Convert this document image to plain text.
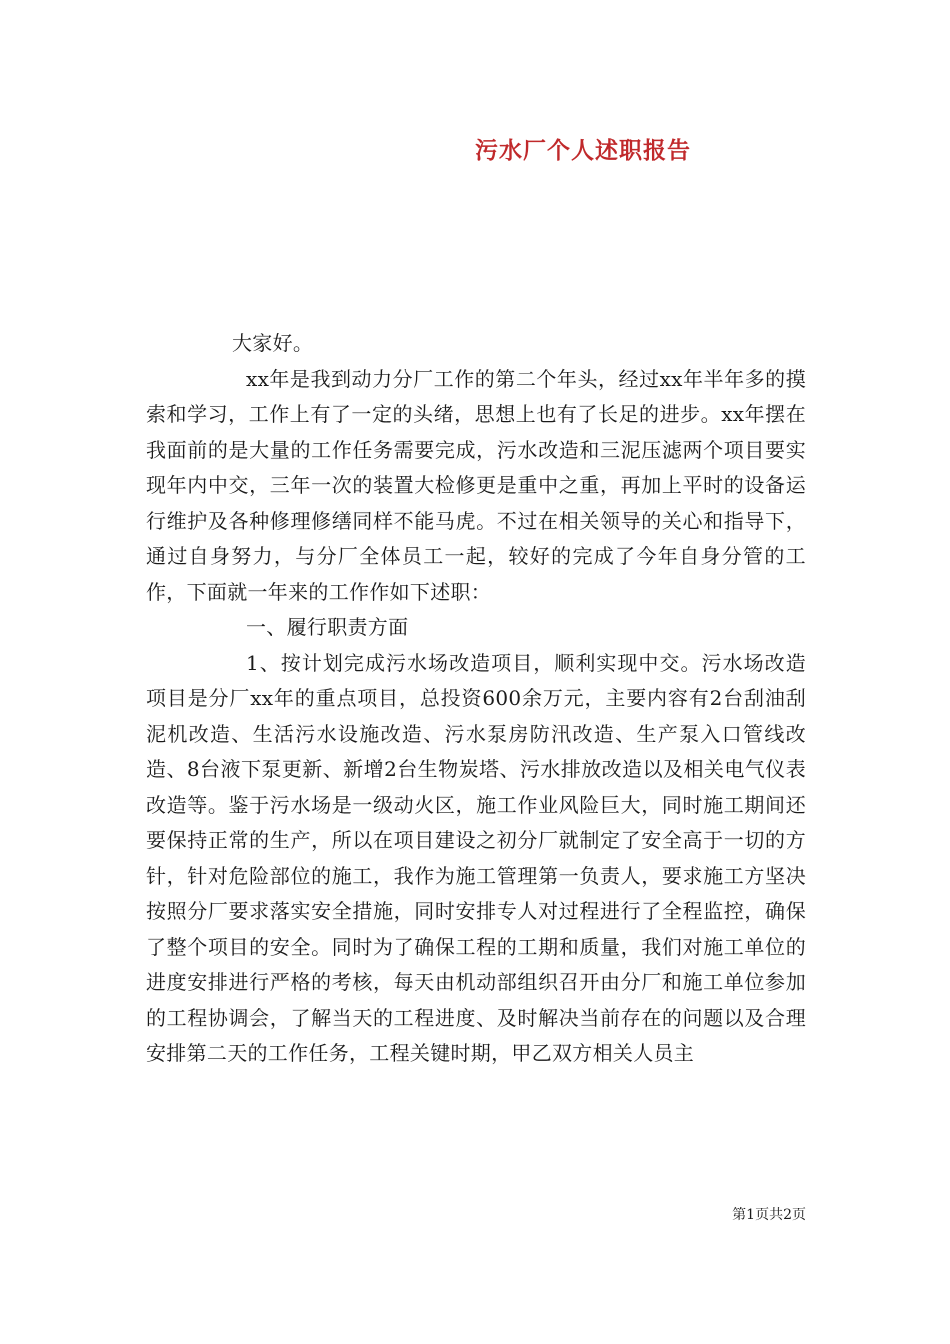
污水厂个人述职报告

大家好。

xx年是我到动力分厂工作的第二个年头，经过xx年半年多的摸索和学习，工作上有了一定的头绪，思想上也有了长足的进步。xx年摆在我面前的是大量的工作任务需要完成，污水改造和三泥压滤两个项目要实现年内中交，三年一次的装置大检修更是重中之重，再加上平时的设备运行维护及各种修理修缮同样不能马虎。不过在相关领导的关心和指导下，通过自身努力，与分厂全体员工一起，较好的完成了今年自身分管的工作，下面就一年来的工作作如下述职：

一、履行职责方面

1、按计划完成污水场改造项目，顺利实现中交。污水场改造项目是分厂xx年的重点项目，总投资600余万元，主要内容有2台刮油刮泥机改造、生活污水设施改造、污水泵房防汛改造、生产泵入口管线改造、8台液下泵更新、新增2台生物炭塔、污水排放改造以及相关电气仪表改造等。鉴于污水场是一级动火区，施工作业风险巨大，同时施工期间还要保持正常的生产，所以在项目建设之初分厂就制定了安全高于一切的方针，针对危险部位的施工，我作为施工管理第一负责人，要求施工方坚决按照分厂要求落实安全措施，同时安排专人对过程进行了全程监控，确保了整个项目的安全。同时为了确保工程的工期和质量，我们对施工单位的进度安排进行严格的考核，每天由机动部组织召开由分厂和施工单位参加的工程协调会，了解当天的工程进度、及时解决当前存在的问题以及合理安排第二天的工作任务，工程关键时期，甲乙双方相关人员主

第1页共2页
